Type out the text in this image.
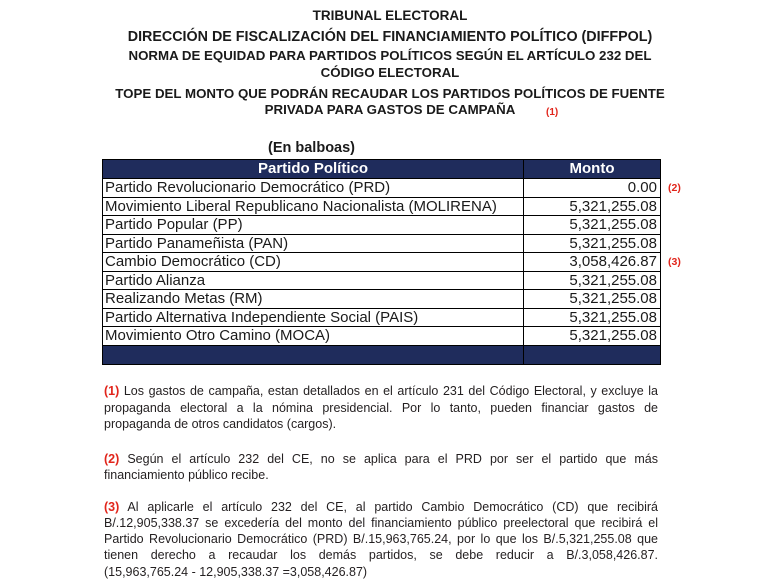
TRIBUNAL ELECTORAL
DIRECCIÓN DE FISCALIZACIÓN DEL FINANCIAMIENTO POLÍTICO (DIFFPOL)
NORMA DE EQUIDAD PARA PARTIDOS POLÍTICOS SEGÚN EL ARTÍCULO 232 DEL
CÓDIGO ELECTORAL
TOPE DEL MONTO QUE PODRÁN RECAUDAR LOS PARTIDOS POLÍTICOS DE FUENTE
PRIVADA PARA GASTOS DE CAMPAÑA	(1)
(En balboas)
Partido Político	Monto
Partido Revolucionario Democrático (PRD)	0.00 (2)
Movimiento Liberal Republicano Nacionalista (MOLIRENA)	5,321,255.08
Partido Popular (PP)	5,321,255.08
Partido Panameñista (PAN)	5,321,255.08
Cambio Democrático (CD)	3,058,426.87 (3)
Partido Alianza	5,321,255.08
Realizando Metas (RM)	5,321,255.08
Partido Alternativa Independiente Social (PAIS)	5,321,255.08
Movimiento Otro Camino (MOCA)	5,321,255.08
(1) Los gastos de campaña, estan detallados en el artículo 231 del Código Electoral, y excluye la
propaganda electoral a la nómina presidencial. Por lo tanto, pueden financiar gastos de
propaganda de otros candidatos (cargos).
(2) Según el artículo 232 del CE, no se aplica para el PRD por ser el partido que más
financiamiento público recibe.
(3) Al aplicarle el artículo 232 del CE, al partido Cambio Democrático (CD) que recibirá
B/.12,905,338.37 se excedería del monto del financiamiento público preelectoral que recibirá el
Partido Revolucionario Democrático (PRD) B/.15,963,765.24, por lo que los B/.5,321,255.08 que
tienen derecho a recaudar los demás partidos, se debe reducir a B/.3,058,426.87.
(15,963,765.24 - 12,905,338.37 =3,058,426.87)
